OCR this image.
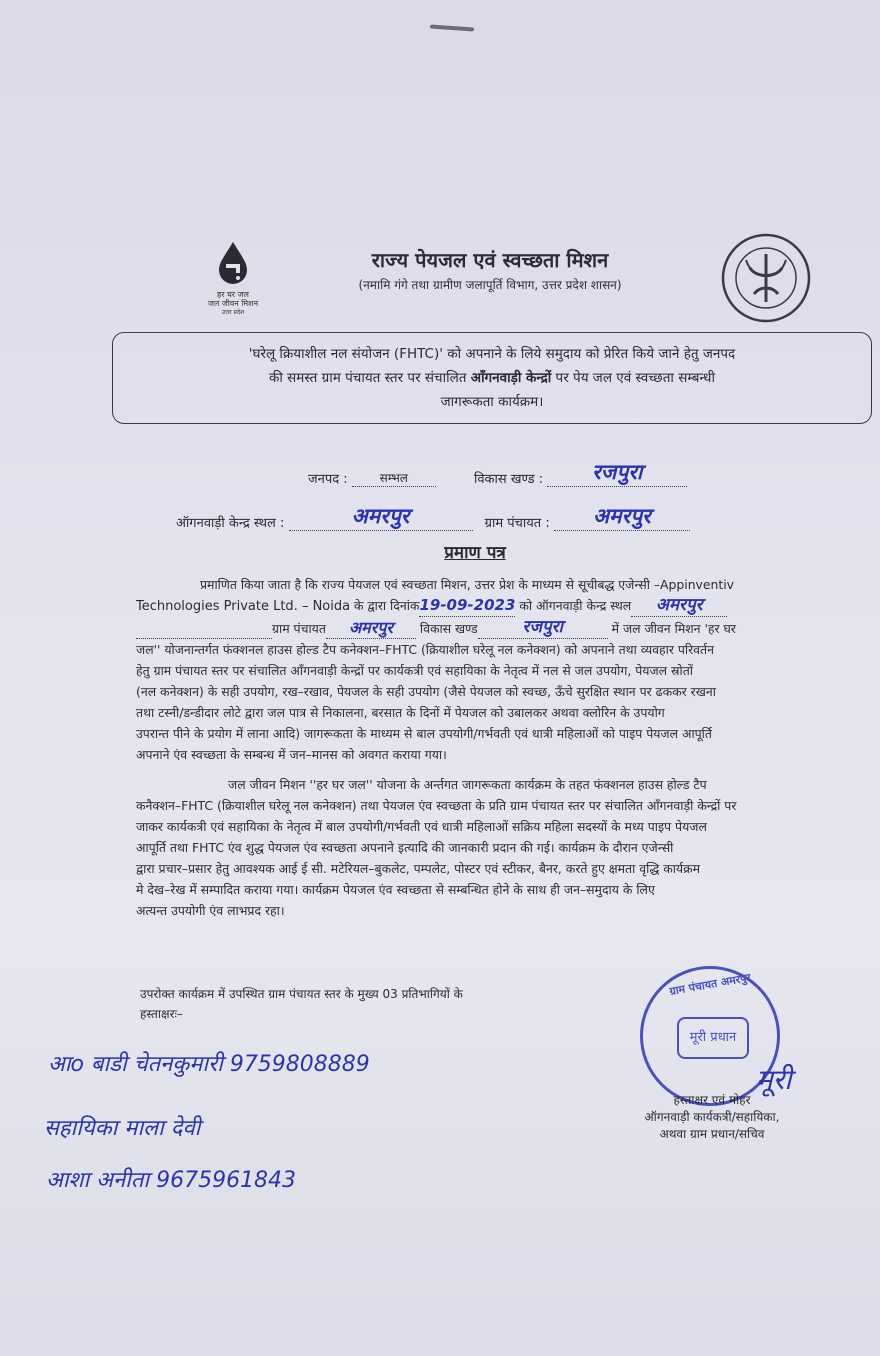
हर घर जल
जल जीवन मिशन
उत्तर प्रदेश
राज्य पेयजल एवं स्वच्छता मिशन
(नमामि गंगे तथा ग्रामीण जलापूर्ति विभाग, उत्तर प्रदेश शासन)
'घरेलू क्रियाशील नल संयोजन (FHTC)' को अपनाने के लिये समुदाय को प्रेरित किये जाने हेतु जनपद
की समस्त ग्राम पंचायत स्तर पर संचालित आँगनवाड़ी केन्द्रों पर पेय जल एवं स्वच्छता सम्बन्धी
जागरूकता कार्यक्रम।
जनपद :	सम्भल	विकास खण्ड : रजपुरा
ऑगनवाड़ी केन्द्र स्थल :	अमरपुर	ग्राम पंचायत : अमरपुर
प्रमाण पत्र
प्रमाणित किया जाता है कि राज्य पेयजल एवं स्वच्छता मिशन, उत्तर प्रेश के माध्यम से सूचीबद्ध एजेन्सी –Appinventiv
Technologies Private Ltd. – Noida के द्वारा दिनांक19-09-2023 को ऑगनवाड़ी केन्द्र स्थल अमरपुर
ग्राम पंचायत अमरपुर विकास खण्ड	रजपुरा	में जल जीवन मिशन 'हर घर
जल'' योजनान्तर्गत फंक्शनल हाउस होल्ड टैप कनेक्शन–FHTC (क्रियाशील घरेलू नल कनेक्शन) को अपनाने तथा व्यवहार परिवर्तन
हेतु ग्राम पंचायत स्तर पर संचालित आँगनवाड़ी केन्द्रों पर कार्यकत्री एवं सहायिका के नेतृत्व में नल से जल उपयोग, पेयजल स्रोतों
(नल कनेक्शन) के सही उपयोग, रख–रखाव, पेयजल के सही उपयोग (जैसे पेयजल को स्वच्छ, ऊँचे सुरक्षित स्थान पर ढककर रखना
तथा टस्नी/डन्डीदार लोटे द्वारा जल पात्र से निकालना, बरसात के दिनों में पेयजल को उबालकर अथवा क्लोरिन के उपयोग
उपरान्त पीने के प्रयोग में लाना आदि) जागरूकता के माध्यम से बाल उपयोगी/गर्भवती एवं धात्री महिलाओं को पाइप पेयजल आपूर्ति
अपनाने एंव स्वच्छता के सम्बन्ध में जन–मानस को अवगत कराया गया।
जल जीवन मिशन ''हर घर जल'' योजना के अर्न्तगत जागरूकता कार्यक्रम के तहत फंक्शनल हाउस होल्ड टैप
कनैक्शन–FHTC (क्रियाशील घरेलू नल कनेक्शन) तथा पेयजल एंव स्वच्छता के प्रति ग्राम पंचायत स्तर पर संचालित आँगनवाड़ी केन्द्रों पर
जाकर कार्यकत्री एवं सहायिका के नेतृत्व में बाल उपयोगी/गर्भवती एवं धात्री महिलाओं सक्रिय महिला सदस्यों के मध्य पाइप पेयजल
आपूर्ति तथा FHTC एंव शुद्ध पेयजल एंव स्वच्छता अपनाने इत्यादि की जानकारी प्रदान की गई। कार्यक्रम के दौरान एजेन्सी
द्वारा प्रचार–प्रसार हेतु आवश्यक आई ई सी. मटेरियल–बुकलेट, पम्पलेट, पोस्टर एवं स्टीकर, बैनर, करते हुए क्षमता वृद्धि कार्यक्रम
मे देख–रेख में सम्पादित कराया गया। कार्यक्रम पेयजल एंव स्वच्छता से सम्बन्धित होने के साथ ही जन–समुदाय के लिए
अत्यन्त उपयोगी एंव लाभप्रद रहा।
उपरोक्त कार्यक्रम में उपस्थित ग्राम पंचायत स्तर के मुख्य 03 प्रतिभागियों के
हस्ताक्षरः–
आo बाडी चेतनकुमारी 9759808889
सहायिका माला देवी
आशा अनीता 9675961843
ग्राम पंचायत अमरपुर
मूरी प्रधान
मूरी
हस्ताक्षर एवं मोहर
ऑगनवाड़ी कार्यकत्री/सहायिका,
अथवा ग्राम प्रधान/सचिव
